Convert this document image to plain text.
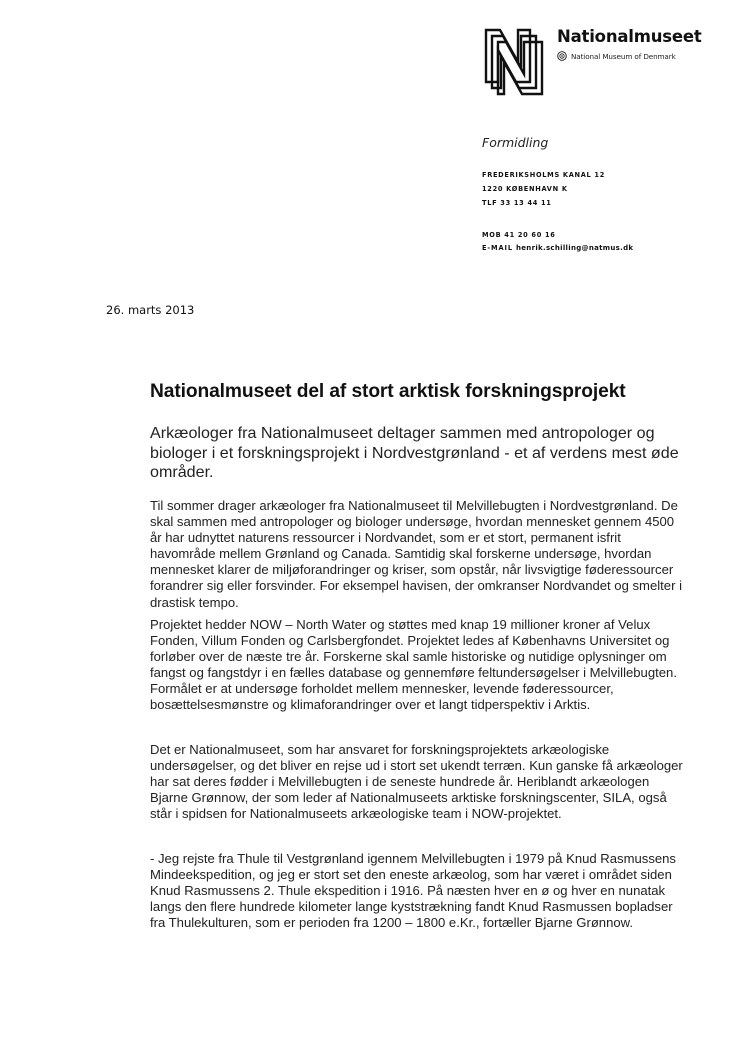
Nationalmuseet
National Museum of Denmark
Formidling
FREDERIKSHOLMS KANAL 12
1220 KØBENHAVN K
TLF 33 13 44 11
MOB 41 20 60 16
E-MAIL henrik.schilling@natmus.dk
26. marts 2013
Nationalmuseet del af stort arktisk forskningsprojekt

Arkæologer fra Nationalmuseet deltager sammen med antropologer og biologer i et forskningsprojekt i Nordvestgrønland - et af verdens mest øde områder.

Til sommer drager arkæologer fra Nationalmuseet til Melvillebugten i Nordvestgrønland. De skal sammen med antropologer og biologer undersøge, hvordan mennesket gennem 4500 år har udnyttet naturens ressourcer i Nordvandet, som er et stort, permanent isfrit havområde mellem Grønland og Canada. Samtidig skal forskerne undersøge, hvordan mennesket klarer de miljøforandringer og kriser, som opstår, når livsvigtige føderessourcer forandrer sig eller forsvinder. For eksempel havisen, der omkranser Nordvandet og smelter i drastisk tempo.

Projektet hedder NOW – North Water og støttes med knap 19 millioner kroner af Velux Fonden, Villum Fonden og Carlsbergfondet. Projektet ledes af Københavns Universitet og forløber over de næste tre år. Forskerne skal samle historiske og nutidige oplysninger om fangst og fangstdyr i en fælles database og gennemføre feltundersøgelser i Melvillebugten. Formålet er at undersøge forholdet mellem mennesker, levende føderessourcer, bosættelsesmønstre og klimaforandringer over et langt tidperspektiv i Arktis.

Det er Nationalmuseet, som har ansvaret for forskningsprojektets arkæologiske undersøgelser, og det bliver en rejse ud i stort set ukendt terræn. Kun ganske få arkæologer har sat deres fødder i Melvillebugten i de seneste hundrede år. Heriblandt arkæologen Bjarne Grønnow, der som leder af Nationalmuseets arktiske forskningscenter, SILA, også står i spidsen for Nationalmuseets arkæologiske team i NOW-projektet.

- Jeg rejste fra Thule til Vestgrønland igennem Melvillebugten i 1979 på Knud Rasmussens Mindeekspedition, og jeg er stort set den eneste arkæolog, som har været i området siden Knud Rasmussens 2. Thule ekspedition i 1916. På næsten hver en ø og hver en nunatak langs den flere hundrede kilometer lange kyststrækning fandt Knud Rasmussen bopladser fra Thulekulturen, som er perioden fra 1200 – 1800 e.Kr., fortæller Bjarne Grønnow.
